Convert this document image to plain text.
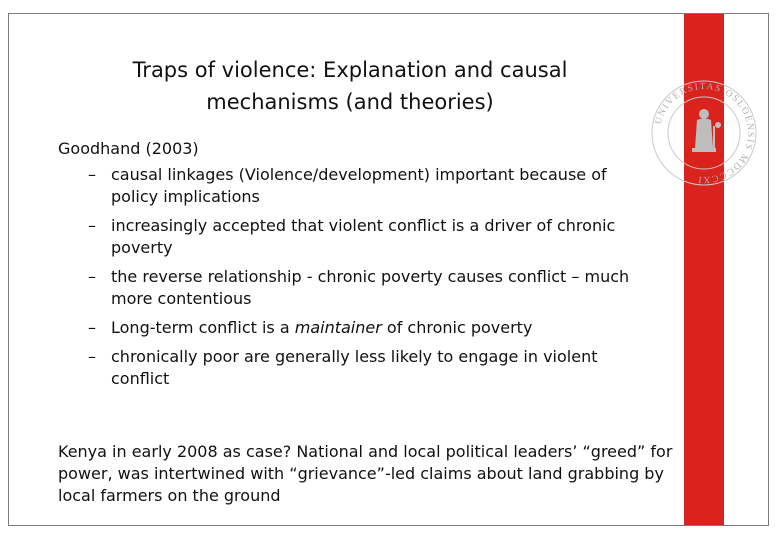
UNIVERSITAS OSLOENSIS MDCCCXI
Traps of violence: Explanation and causal
mechanisms (and theories)

Goodhand (2003)

– causal linkages (Violence/development) important because of policy implications
– increasingly accepted that violent conflict is a driver of chronic poverty
– the reverse relationship - chronic poverty causes conflict – much more contentious
– Long-term conflict is a maintainer of chronic poverty
– chronically poor are generally less likely to engage in violent conflict

Kenya in early 2008 as case? National and local political leaders’ “greed” for power, was intertwined with “grievance”-led claims about land grabbing by local farmers on the ground
